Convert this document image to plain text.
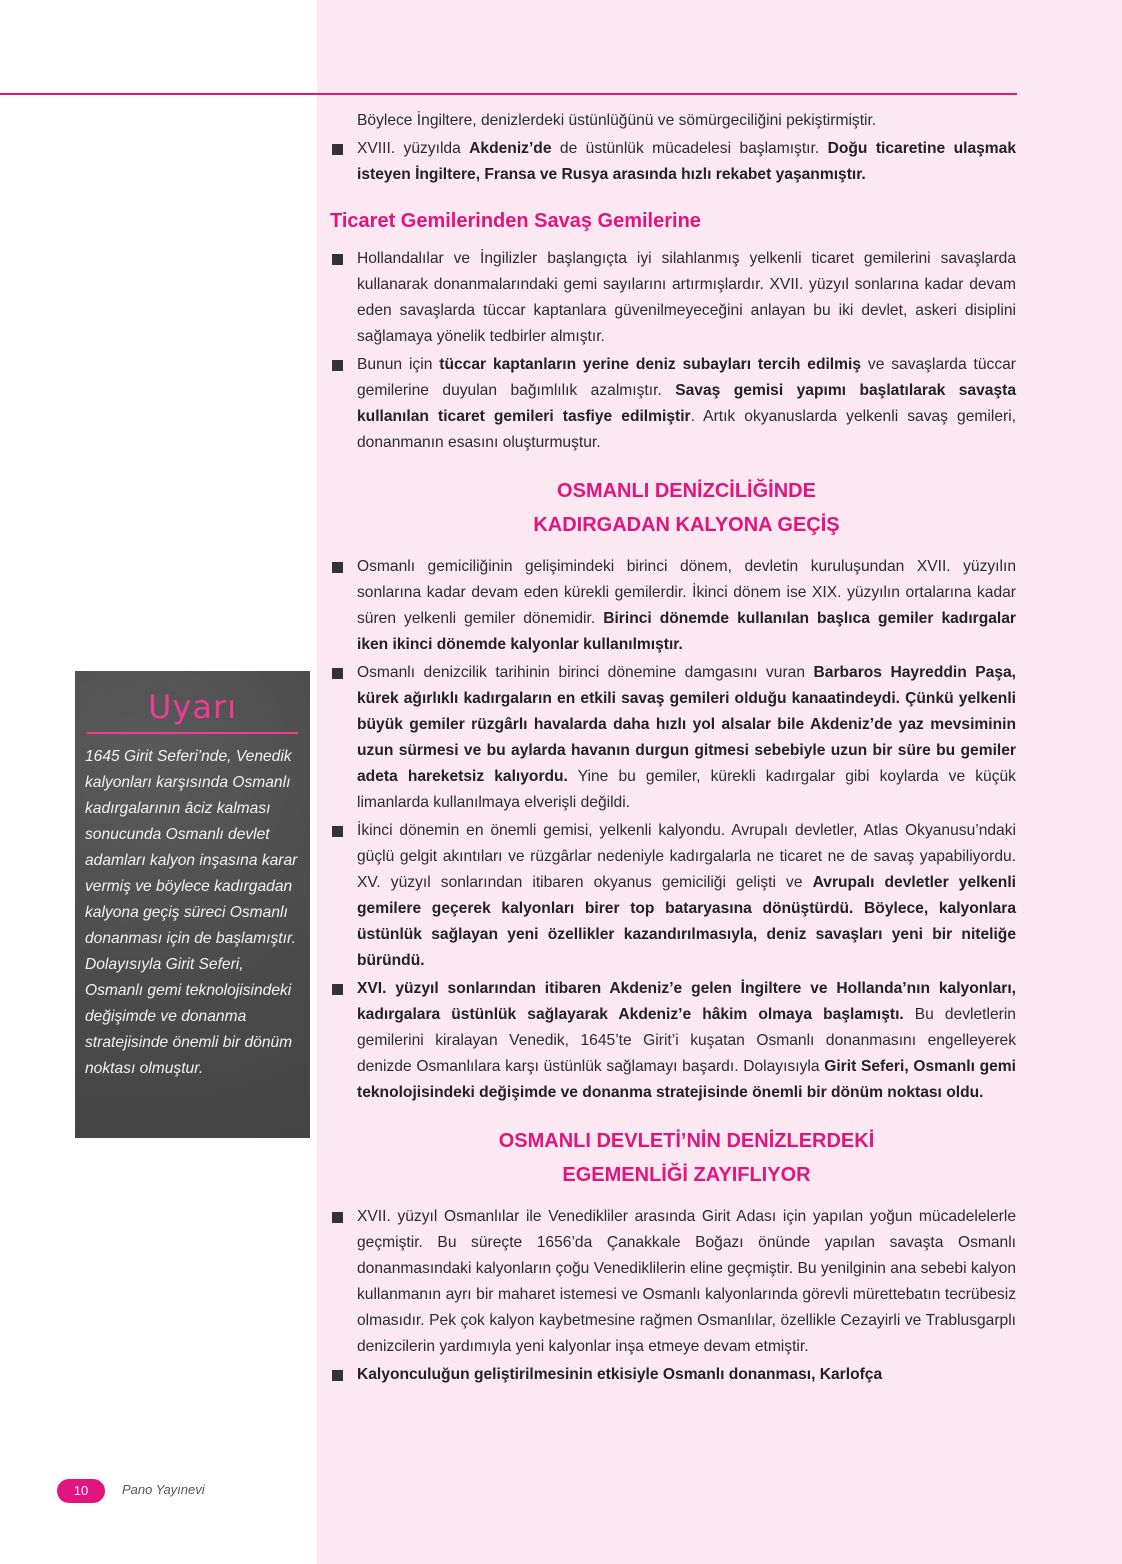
Böylece İngiltere, denizlerdeki üstünlüğünü ve sömürgeciliğini pekiştirmiştir.

XVIII. yüzyılda Akdeniz’de de üstünlük mücadelesi başlamıştır. Doğu ticaretine ulaşmak isteyen İngiltere, Fransa ve Rusya arasında hızlı rekabet yaşanmıştır.

Ticaret Gemilerinden Savaş Gemilerine

Hollandalılar ve İngilizler başlangıçta iyi silahlanmış yelkenli ticaret gemilerini savaşlarda kullanarak donanmalarındaki gemi sayılarını artırmışlardır. XVII. yüzyıl sonlarına kadar devam eden savaşlarda tüccar kaptanlara güvenilmeyeceğini anlayan bu iki devlet, askeri disiplini sağlamaya yönelik tedbirler almıştır.

Bunun için tüccar kaptanların yerine deniz subayları tercih edilmiş ve savaşlarda tüccar gemilerine duyulan bağımlılık azalmıştır. Savaş gemisi yapımı başlatılarak savaşta kullanılan ticaret gemileri tasfiye edilmiştir. Artık okyanuslarda yelkenli savaş gemileri, donanmanın esasını oluşturmuştur.

OSMANLI DENİZCİLİĞİNDE
KADIRGADAN KALYONA GEÇİŞ

Osmanlı gemiciliğinin gelişimindeki birinci dönem, devletin kuruluşundan XVII. yüzyılın sonlarına kadar devam eden kürekli gemilerdir. İkinci dönem ise XIX. yüzyılın ortalarına kadar süren yelkenli gemiler dönemidir. Birinci dönemde kullanılan başlıca gemiler kadırgalar iken ikinci dönemde kalyonlar kullanılmıştır.

Osmanlı denizcilik tarihinin birinci dönemine damgasını vuran Barbaros Hayreddin Paşa, kürek ağırlıklı kadırgaların en etkili savaş gemileri olduğu kanaatindeydi. Çünkü yelkenli büyük gemiler rüzgârlı havalarda daha hızlı yol alsalar bile Akdeniz’de yaz mevsiminin uzun sürmesi ve bu aylarda havanın durgun gitmesi sebebiyle uzun bir süre bu gemiler adeta hareketsiz kalıyordu. Yine bu gemiler, kürekli kadırgalar gibi koylarda ve küçük limanlarda kullanılmaya elverişli değildi.

İkinci dönemin en önemli gemisi, yelkenli kalyondu. Avrupalı devletler, Atlas Okyanusu’ndaki güçlü gelgit akıntıları ve rüzgârlar nedeniyle kadırgalarla ne ticaret ne de savaş yapabiliyordu. XV. yüzyıl sonlarından itibaren okyanus gemiciliği gelişti ve Avrupalı devletler yelkenli gemilere geçerek kalyonları birer top bataryasına dönüştürdü. Böylece, kalyonlara üstünlük sağlayan yeni özellikler kazandırılmasıyla, deniz savaşları yeni bir niteliğe büründü.

XVI. yüzyıl sonlarından itibaren Akdeniz’e gelen İngiltere ve Hollanda’nın kalyonları, kadırgalara üstünlük sağlayarak Akdeniz’e hâkim olmaya başlamıştı. Bu devletlerin gemilerini kiralayan Venedik, 1645’te Girit’i kuşatan Osmanlı donanmasını engelleyerek denizde Osmanlılara karşı üstünlük sağlamayı başardı. Dolayısıyla Girit Seferi, Osmanlı gemi teknolojisindeki değişimde ve donanma stratejisinde önemli bir dönüm noktası oldu.

OSMANLI DEVLETİ’NİN DENİZLERDEKİ
EGEMENLİĞİ ZAYIFLIYOR

XVII. yüzyıl Osmanlılar ile Venedikliler arasında Girit Adası için yapılan yoğun mücadelelerle geçmiştir. Bu süreçte 1656’da Çanakkale Boğazı önünde yapılan savaşta Osmanlı donanmasındaki kalyonların çoğu Venediklilerin eline geçmiştir. Bu yenilginin ana sebebi kalyon kullanmanın ayrı bir maharet istemesi ve Osmanlı kalyonlarında görevli mürettebatın tecrübesiz olmasıdır. Pek çok kalyon kaybetmesine rağmen Osmanlılar, özellikle Cezayirli ve Trablusgarplı denizcilerin yardımıyla yeni kalyonlar inşa etmeye devam etmiştir.

Kalyonculuğun geliştirilmesinin etkisiyle Osmanlı donanması, Karlofça

Uyarı
1645 Girit Seferi’nde, Venedik kalyonları karşısında Osmanlı kadırgalarının âciz kalması sonucunda Osmanlı devlet adamları kalyon inşasına karar vermiş ve böylece kadırgadan kalyona geçiş süreci Osmanlı donanması için de başlamıştır. Dolayısıyla Girit Seferi, Osmanlı gemi teknolojisindeki değişimde ve donanma stratejisinde önemli bir dönüm noktası olmuştur.
10	Pano Yayınevi
